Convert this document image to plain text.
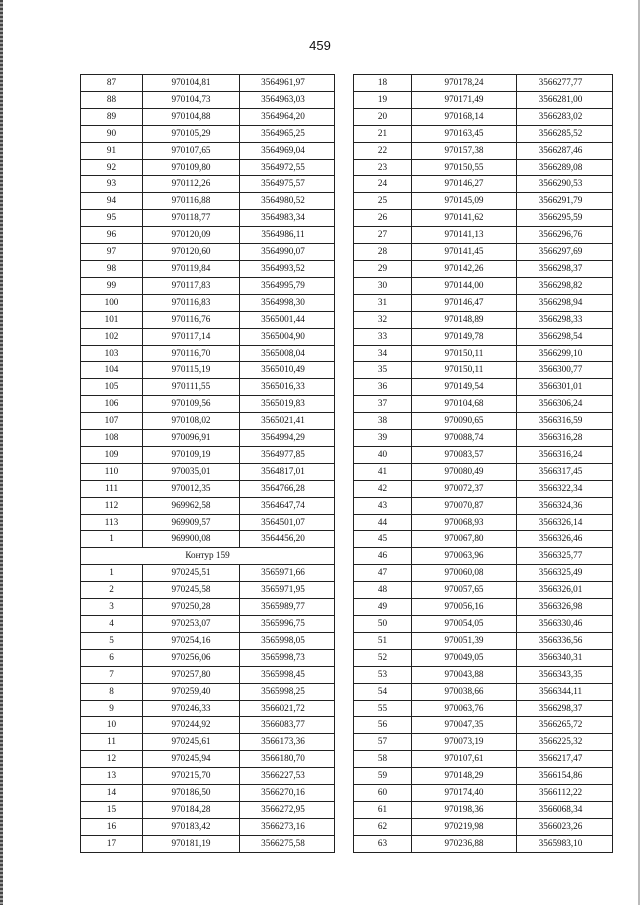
459
87	970104,81	3564961,97
88	970104,73	3564963,03
89	970104,88	3564964,20
90	970105,29	3564965,25
91	970107,65	3564969,04
92	970109,80	3564972,55
93	970112,26	3564975,57
94	970116,88	3564980,52
95	970118,77	3564983,34
96	970120,09	3564986,11
97	970120,60	3564990,07
98	970119,84	3564993,52
99	970117,83	3564995,79
100	970116,83	3564998,30
101	970116,76	3565001,44
102	970117,14	3565004,90
103	970116,70	3565008,04
104	970115,19	3565010,49
105	970111,55	3565016,33
106	970109,56	3565019,83
107	970108,02	3565021,41
108	970096,91	3564994,29
109	970109,19	3564977,85
110	970035,01	3564817,01
111	970012,35	3564766,28
112	969962,58	3564647,74
113	969909,57	3564501,07
1	969900,08	3564456,20
Контур 159		
1	970245,51	3565971,66
2	970245,58	3565971,95
3	970250,28	3565989,77
4	970253,07	3565996,75
5	970254,16	3565998,05
6	970256,06	3565998,73
7	970257,80	3565998,45
8	970259,40	3565998,25
9	970246,33	3566021,72
10	970244,92	3566083,77
11	970245,61	3566173,36
12	970245,94	3566180,70
13	970215,70	3566227,53
14	970186,50	3566270,16
15	970184,28	3566272,95
16	970183,42	3566273,16
17	970181,19	3566275,58
18	970178,24	3566277,77
19	970171,49	3566281,00
20	970168,14	3566283,02
21	970163,45	3566285,52
22	970157,38	3566287,46
23	970150,55	3566289,08
24	970146,27	3566290,53
25	970145,09	3566291,79
26	970141,62	3566295,59
27	970141,13	3566296,76
28	970141,45	3566297,69
29	970142,26	3566298,37
30	970144,00	3566298,82
31	970146,47	3566298,94
32	970148,89	3566298,33
33	970149,78	3566298,54
34	970150,11	3566299,10
35	970150,11	3566300,77
36	970149,54	3566301,01
37	970104,68	3566306,24
38	970090,65	3566316,59
39	970088,74	3566316,28
40	970083,57	3566316,24
41	970080,49	3566317,45
42	970072,37	3566322,34
43	970070,87	3566324,36
44	970068,93	3566326,14
45	970067,80	3566326,46
46	970063,96	3566325,77
47	970060,08	3566325,49
48	970057,65	3566326,01
49	970056,16	3566326,98
50	970054,05	3566330,46
51	970051,39	3566336,56
52	970049,05	3566340,31
53	970043,88	3566343,35
54	970038,66	3566344,11
55	970063,76	3566298,37
56	970047,35	3566265,72
57	970073,19	3566225,32
58	970107,61	3566217,47
59	970148,29	3566154,86
60	970174,40	3566112,22
61	970198,36	3566068,34
62	970219,98	3566023,26
63	970236,88	3565983,10
